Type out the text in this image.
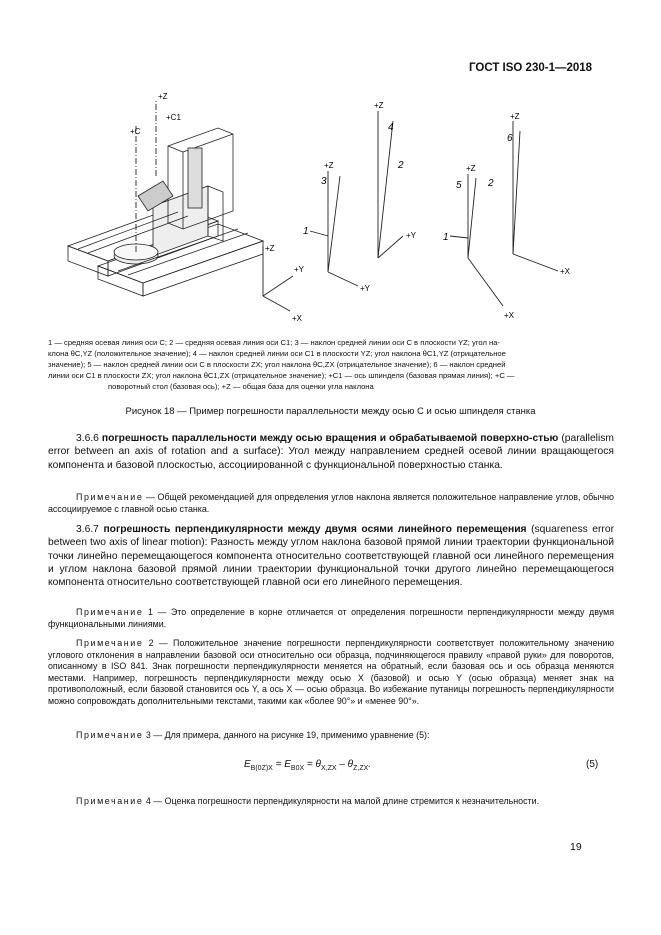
ГОСТ ISO 230-1—2018
+Z
+C1
+C
+Z
+Y
+X
+Z
+Z
+Y
+Y
1
2
3
4
+Z
+Z
+X
+X
1
2
5
6
1 — средняя осевая линия оси C; 2 — средняя осевая линия оси C1; 3 — наклон средней линии оси C в плоскости YZ; угол на-
клона θC,YZ (положительное значение); 4 — наклон средней линии оси C1 в плоскости YZ; угол наклона θC1,YZ (отрицательное
значение); 5 — наклон средней линии оси C в плоскости ZX; угол наклона θC,ZX (отрицательное значение); 6 — наклон средней
линии оси C1 в плоскости ZX; угол наклона θC1,ZX (отрицательное значение); +C1 — ось шпинделя (базовая прямая линия); +C —
поворотный стол (базовая ось); +Z — общая база для оценки угла наклона
Рисунок 18 — Пример погрешности параллельности между осью C и осью шпинделя станка
3.6.6 погрешность параллельности между осью вращения и обрабатываемой поверхно-стью (parallelism error between an axis of rotation and a surface): Угол между направлением средней осевой линии вращающегося компонента и базовой плоскостью, ассоциированной с функциональной поверхностью станка.
Примечание — Общей рекомендацией для определения углов наклона является положительное направление углов, обычно ассоциируемое с главной осью станка.
3.6.7 погрешность перпендикулярности между двумя осями линейного перемещения (squareness error between two axis of linear motion): Разность между углом наклона базовой прямой линии траектории функциональной точки линейно перемещающегося компонента относительно соответствующей главной оси линейного перемещения и углом наклона базовой прямой линии траектории функциональной точки другого линейно перемещающегося компонента относительно соответствующей главной оси его линейного перемещения.
Примечание 1 — Это определение в корне отличается от определения погрешности перпендикулярности между двумя функциональными линиями.
Примечание 2 — Положительное значение погрешности перпендикулярности соответствует положительному значению углового отклонения в направлении базовой оси относительно оси образца, подчиняющегося правилу «правой руки» для поворотов, описанному в ISO 841. Знак погрешности перпендикулярности меняется на обратный, если базовая ось и ось образца меняются местами. Например, погрешность перпендикулярности между осью X (базовой) и осью Y (осью образца) меняет знак на противоположный, если базовой становится ось Y, а ось X — осью образца. Во избежание путаницы погрешность перпендикулярности можно сопровождать дополнительными текстами, такими как «более 90°» и «менее 90°».
Примечание 3 — Для примера, данного на рисунке 19, применимо уравнение (5):
$E_{B(0Z)X} = E_{B0X} = \theta_{X,ZX} - \theta_{Z,ZX}$.	(5)
Примечание 4 — Оценка погрешности перпендикулярности на малой длине стремится к незначительности.
19
